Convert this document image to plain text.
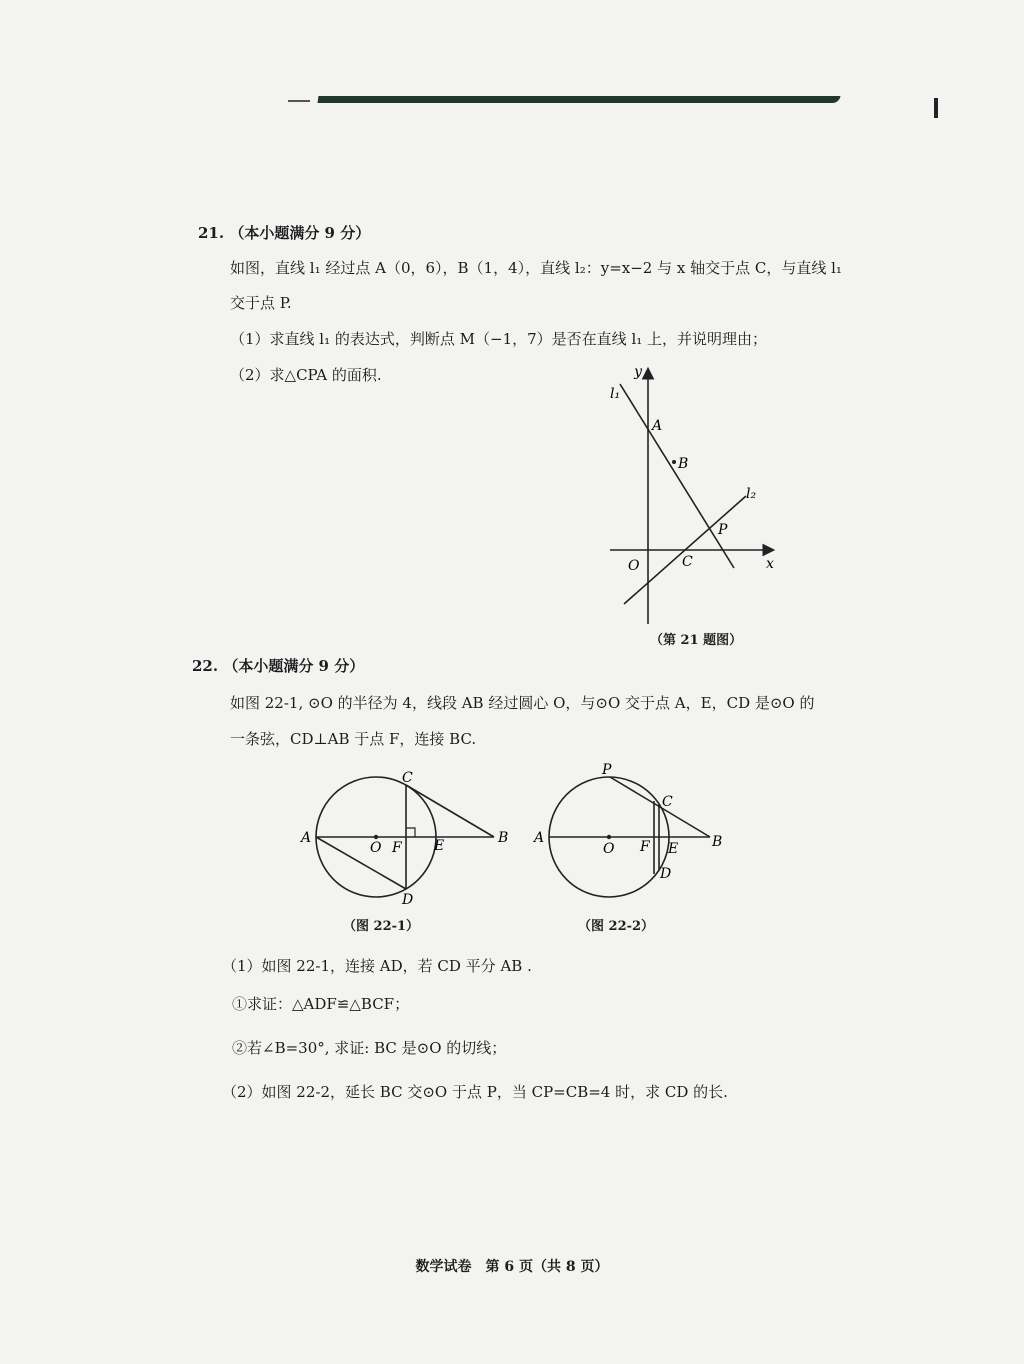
21. （本小题满分 9 分）
如图，直线 l₁ 经过点 A（0，6），B（1，4），直线 l₂：y=x−2 与 x 轴交于点 C，与直线 l₁
交于点 P.
（1）求直线 l₁ 的表达式，判断点 M（−1，7）是否在直线 l₁ 上，并说明理由；
（2）求△CPA 的面积.	y
x
O
A
B
C
P
l₁
l₂
（第 21 题图）
22. （本小题满分 9 分）
如图 22-1, ⊙O 的半径为 4，线段 AB 经过圆心 O，与⊙O 交于点 A，E，CD 是⊙O 的
一条弦，CD⊥AB 于点 F，连接 BC.
A	B
C
D
E
F
O
（图 22-1）
A	B
P
C
D
E
F
O
（图 22-2）
（1）如图 22-1，连接 AD，若 CD 平分 AB .
①求证：△ADF≌△BCF；
②若∠B=30°, 求证: BC 是⊙O 的切线；
（2）如图 22-2，延长 BC 交⊙O 于点 P，当 CP=CB=4 时，求 CD 的长.
数学试卷　第 6 页（共 8 页）
